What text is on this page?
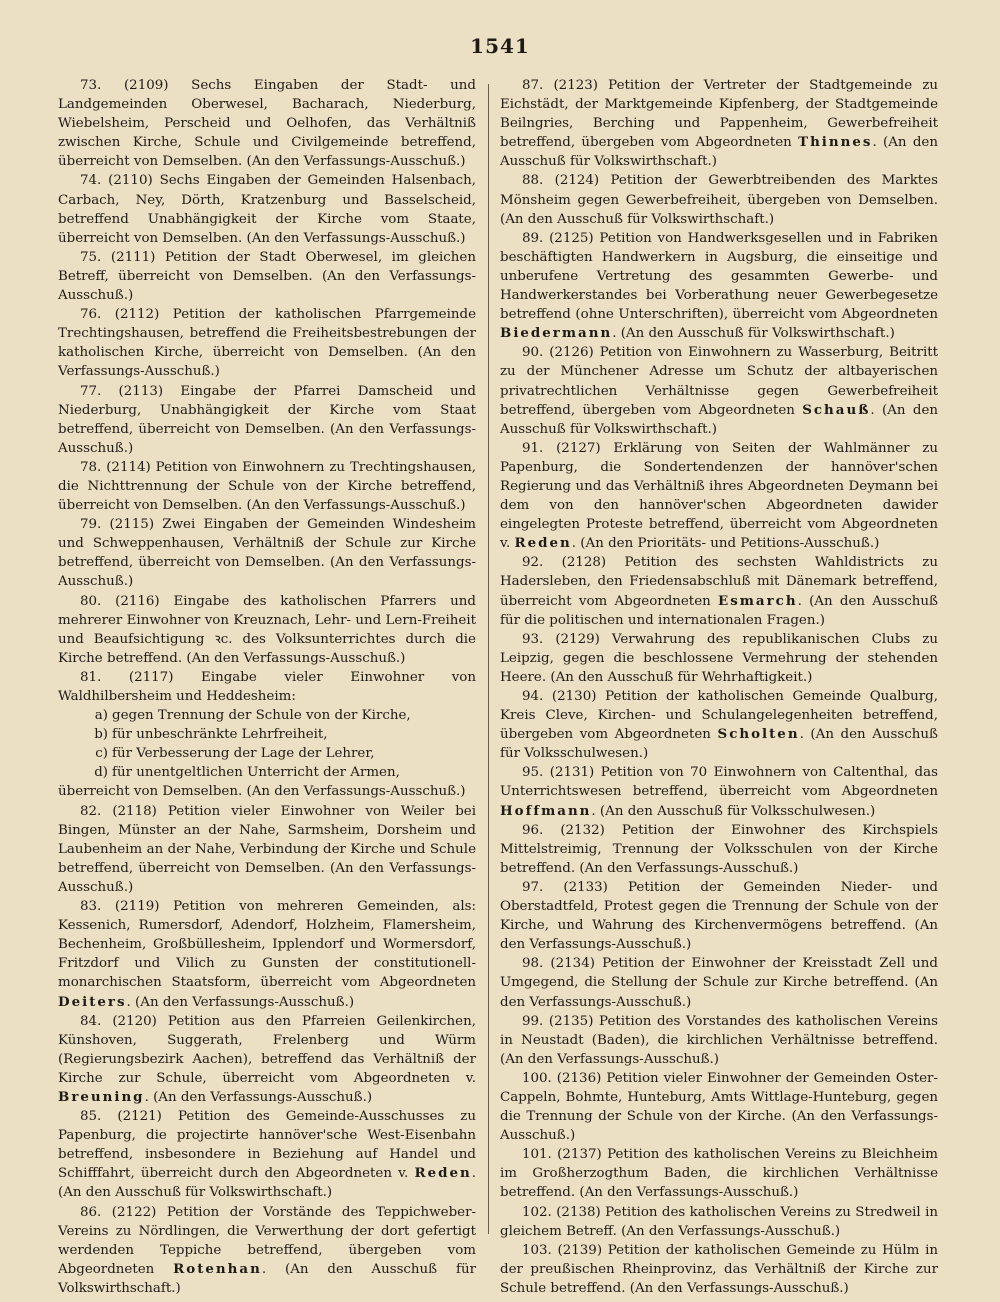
1541

73. (2109) Sechs Eingaben der Stadt- und Landgemeinden Oberwesel, Bacharach, Niederburg, Wiebelsheim, Perscheid und Oelhofen, das Verhältniß zwischen Kirche, Schule und Civilgemeinde betreffend, überreicht von Demselben. (An den Verfassungs-Ausschuß.)

74. (2110) Sechs Eingaben der Gemeinden Halsenbach, Carbach, Ney, Dörth, Kratzenburg und Basselscheid, betreffend Unabhängigkeit der Kirche vom Staate, überreicht von Demselben. (An den Verfassungs-Ausschuß.)

75. (2111) Petition der Stadt Oberwesel, im gleichen Betreff, überreicht von Demselben. (An den Verfassungs-Ausschuß.)

76. (2112) Petition der katholischen Pfarrgemeinde Trechtingshausen, betreffend die Freiheitsbestrebungen der katholischen Kirche, überreicht von Demselben. (An den Verfassungs-Ausschuß.)

77. (2113) Eingabe der Pfarrei Damscheid und Niederburg, Unabhängigkeit der Kirche vom Staat betreffend, überreicht von Demselben. (An den Verfassungs-Ausschuß.)

78. (2114) Petition von Einwohnern zu Trechtingshausen, die Nichttrennung der Schule von der Kirche betreffend, überreicht von Demselben. (An den Verfassungs-Ausschuß.)

79. (2115) Zwei Eingaben der Gemeinden Windesheim und Schweppenhausen, Verhältniß der Schule zur Kirche betreffend, überreicht von Demselben. (An den Verfassungs-Ausschuß.)

80. (2116) Eingabe des katholischen Pfarrers und mehrerer Einwohner von Kreuznach, Lehr- und Lern-Freiheit und Beaufsichtigung ꝛc. des Volksunterrichtes durch die Kirche betreffend. (An den Verfassungs-Ausschuß.)

81. (2117) Eingabe vieler Einwohner von Waldhilbersheim und Heddesheim:

a) gegen Trennung der Schule von der Kirche,

b) für unbeschränkte Lehrfreiheit,

c) für Verbesserung der Lage der Lehrer,

d) für unentgeltlichen Unterricht der Armen,

überreicht von Demselben. (An den Verfassungs-Ausschuß.)

82. (2118) Petition vieler Einwohner von Weiler bei Bingen, Münster an der Nahe, Sarmsheim, Dorsheim und Laubenheim an der Nahe, Verbindung der Kirche und Schule betreffend, überreicht von Demselben. (An den Verfassungs-Ausschuß.)

83. (2119) Petition von mehreren Gemeinden, als: Kessenich, Rumersdorf, Adendorf, Holzheim, Flamersheim, Bechenheim, Großbüllesheim, Ipplendorf und Wormersdorf, Fritzdorf und Vilich zu Gunsten der constitutionell-monarchischen Staatsform, überreicht vom Abgeordneten Deiters. (An den Verfassungs-Ausschuß.)

84. (2120) Petition aus den Pfarreien Geilenkirchen, Künshoven, Suggerath, Frelenberg und Würm (Regierungsbezirk Aachen), betreffend das Verhältniß der Kirche zur Schule, überreicht vom Abgeordneten v. Breuning. (An den Verfassungs-Ausschuß.)

85. (2121) Petition des Gemeinde-Ausschusses zu Papenburg, die projectirte hannöver'sche West-Eisenbahn betreffend, insbesondere in Beziehung auf Handel und Schifffahrt, überreicht durch den Abgeordneten v. Reden. (An den Ausschuß für Volkswirthschaft.)

86. (2122) Petition der Vorstände des Teppichweber-Vereins zu Nördlingen, die Verwerthung der dort gefertigt werdenden Teppiche betreffend, übergeben vom Abgeordneten Rotenhan. (An den Ausschuß für Volkswirthschaft.)

87. (2123) Petition der Vertreter der Stadtgemeinde zu Eichstädt, der Marktgemeinde Kipfenberg, der Stadtgemeinde Beilngries, Berching und Pappenheim, Gewerbefreiheit betreffend, übergeben vom Abgeordneten Thinnes. (An den Ausschuß für Volkswirthschaft.)

88. (2124) Petition der Gewerbtreibenden des Marktes Mönsheim gegen Gewerbefreiheit, übergeben von Demselben. (An den Ausschuß für Volkswirthschaft.)

89. (2125) Petition von Handwerksgesellen und in Fabriken beschäftigten Handwerkern in Augsburg, die einseitige und unberufene Vertretung des gesammten Gewerbe- und Handwerkerstandes bei Vorberathung neuer Gewerbegesetze betreffend (ohne Unterschriften), überreicht vom Abgeordneten Biedermann. (An den Ausschuß für Volkswirthschaft.)

90. (2126) Petition von Einwohnern zu Wasserburg, Beitritt zu der Münchener Adresse um Schutz der altbayerischen privatrechtlichen Verhältnisse gegen Gewerbefreiheit betreffend, übergeben vom Abgeordneten Schauß. (An den Ausschuß für Volkswirthschaft.)

91. (2127) Erklärung von Seiten der Wahlmänner zu Papenburg, die Sondertendenzen der hannöver'schen Regierung und das Verhältniß ihres Abgeordneten Deymann bei dem von den hannöver'schen Abgeordneten dawider eingelegten Proteste betreffend, überreicht vom Abgeordneten v. Reden. (An den Prioritäts- und Petitions-Ausschuß.)

92. (2128) Petition des sechsten Wahldistricts zu Hadersleben, den Friedensabschluß mit Dänemark betreffend, überreicht vom Abgeordneten Esmarch. (An den Ausschuß für die politischen und internationalen Fragen.)

93. (2129) Verwahrung des republikanischen Clubs zu Leipzig, gegen die beschlossene Vermehrung der stehenden Heere. (An den Ausschuß für Wehrhaftigkeit.)

94. (2130) Petition der katholischen Gemeinde Qualburg, Kreis Cleve, Kirchen- und Schulangelegenheiten betreffend, übergeben vom Abgeordneten Scholten. (An den Ausschuß für Volksschulwesen.)

95. (2131) Petition von 70 Einwohnern von Caltenthal, das Unterrichtswesen betreffend, überreicht vom Abgeordneten Hoffmann. (An den Ausschuß für Volksschulwesen.)

96. (2132) Petition der Einwohner des Kirchspiels Mittelstreimig, Trennung der Volksschulen von der Kirche betreffend. (An den Verfassungs-Ausschuß.)

97. (2133) Petition der Gemeinden Nieder- und Oberstadtfeld, Protest gegen die Trennung der Schule von der Kirche, und Wahrung des Kirchenvermögens betreffend. (An den Verfassungs-Ausschuß.)

98. (2134) Petition der Einwohner der Kreisstadt Zell und Umgegend, die Stellung der Schule zur Kirche betreffend. (An den Verfassungs-Ausschuß.)

99. (2135) Petition des Vorstandes des katholischen Vereins in Neustadt (Baden), die kirchlichen Verhältnisse betreffend. (An den Verfassungs-Ausschuß.)

100. (2136) Petition vieler Einwohner der Gemeinden Oster-Cappeln, Bohmte, Hunteburg, Amts Wittlage-Hunteburg, gegen die Trennung der Schule von der Kirche. (An den Verfassungs-Ausschuß.)

101. (2137) Petition des katholischen Vereins zu Bleichheim im Großherzogthum Baden, die kirchlichen Verhältnisse betreffend. (An den Verfassungs-Ausschuß.)

102. (2138) Petition des katholischen Vereins zu Stredweil in gleichem Betreff. (An den Verfassungs-Ausschuß.)

103. (2139) Petition der katholischen Gemeinde zu Hülm in der preußischen Rheinprovinz, das Verhältniß der Kirche zur Schule betreffend. (An den Verfassungs-Ausschuß.)
